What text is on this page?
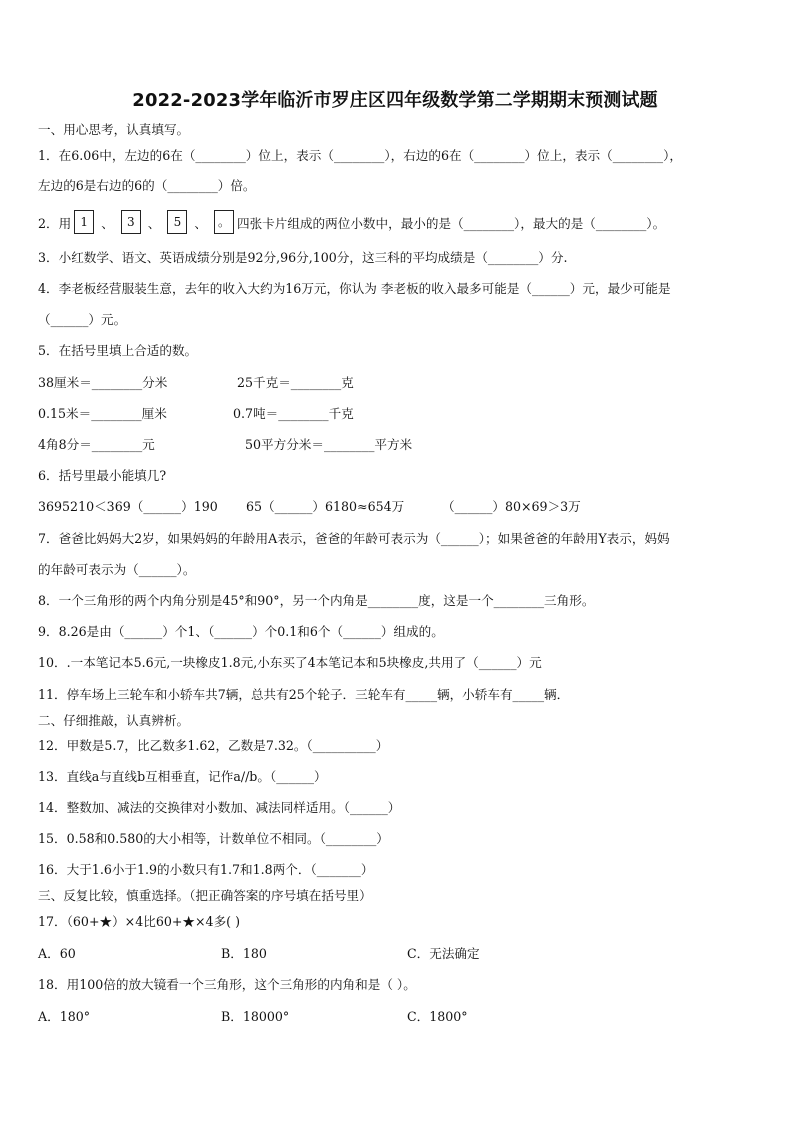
2022-2023学年临沂市罗庄区四年级数学第二学期期末预测试题
一、用心思考，认真填写。
1．在6.06中，左边的6在（________）位上，表示（________），右边的6在（________）位上，表示（________），
左边的6是右边的6的（________）倍。
2．用 1	、	3	、	5	、 。 四张卡片组成的两位小数中，最小的是（________），最大的是（________）。
3．小红数学、语文、英语成绩分别是92分,96分,100分，这三科的平均成绩是（________）分.
4．李老板经营服装生意，去年的收入大约为16万元，你认为 李老板的收入最多可能是（______）元，最少可能是
（______）元。
5．在括号里填上合适的数。
38厘米＝________分米	25千克＝________克
0.15米＝________厘米	0.7吨＝________千克
4角8分＝________元	50平方分米＝________平方米
6．括号里最小能填几?
3695210＜369（______）190 65（______）6180≈654万	（______）80×69＞3万
7．爸爸比妈妈大2岁，如果妈妈的年龄用A表示，爸爸的年龄可表示为（______）；如果爸爸的年龄用Y表示，妈妈
的年龄可表示为（______）。
8．一个三角形的两个内角分别是45°和90°，另一个内角是________度，这是一个________三角形。
9．8.26是由（______）个1、（______）个0.1和6个（______）组成的。
10．.一本笔记本5.6元,一块橡皮1.8元,小东买了4本笔记本和5块橡皮,共用了（______）元
11．停车场上三轮车和小轿车共7辆，总共有25个轮子．三轮车有_____辆，小轿车有_____辆．
二、仔细推敲，认真辨析。
12．甲数是5.7，比乙数多1.62，乙数是7.32。（__________）
13．直线a与直线b互相垂直，记作a//b。（______）
14．整数加、减法的交换律对小数加、减法同样适用。（______）
15．0.58和0.580的大小相等，计数单位不相同。（________）
16．大于1.6小于1.9的小数只有1.7和1.8两个．（_______）
三、反复比较，慎重选择。（把正确答案的序号填在括号里）
17．（60+★）×4比60+★×4多( )
A．60	B．180	C．无法确定
18．用100倍的放大镜看一个三角形，这个三角形的内角和是（ ）。
A．180°	B．18000°	C．1800°
